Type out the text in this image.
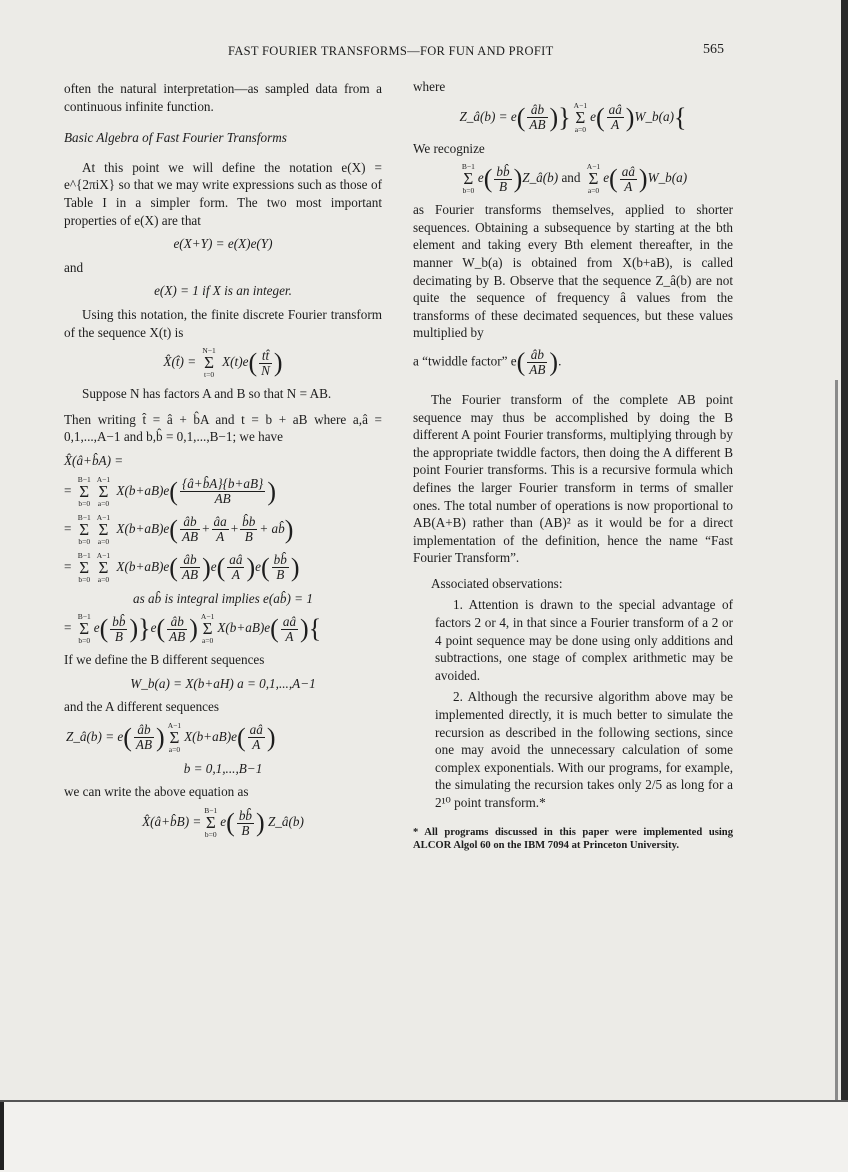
FAST FOURIER TRANSFORMS—FOR FUN AND PROFIT	565

often the natural interpretation—as sampled data from a continuous infinite function.

Basic Algebra of Fast Fourier Transforms

At this point we will define the notation e(X) = e^{2πiX} so that we may write expressions such as those of Table I in a simpler form. The two most important properties of e(X) are that

e(X+Y) = e(X)e(Y)
and
e(X) = 1 if X is an integer.

Using this notation, the finite discrete Fourier transform of the sequence X(t) is

X̂(t̂) =
N−1
Σ
t=0
$X(t)e( \frac{tt̂}{N}$ )

Suppose N has factors A and B so that N = AB.

Then writing t̂ = â + b̂A and t = b + aB where a,â = 0,1,...,A−1 and b,b̂ = 0,1,...,B−1; we have

X̂(â+b̂A) =
=
B−1
Σ
b=0
A−1
Σ
a=0
$X(b+aB)e( \frac{\{â+b̂A\}\{b+aB\}}{AB}$ )
=
B−1
Σ
b=0
A−1
Σ
a=0
$X(b+aB)e( \frac{âb}{AB} + \frac{âa}{A} + \frac{b̂b}{B}$ + ab̂)
=
B−1
Σ
b=0
A−1
Σ
a=0
$X(b+aB)e( \frac{âb}{AB} )e( \frac{aâ}{A} )e( \frac{bb̂}{B}$ )
as ab̂ is integral implies e(ab̂) = 1
=
B−1
Σ
b=0
$e( \frac{bb̂}{B} )\}e( \frac{âb}{AB}$ ) A−1
Σ
a=0
$X(b+aB)e( \frac{aâ}{A}$ ){

If we define the B different sequences

W_b(a) = X(b+aH) a = 0,1,...,A−1

and the A different sequences

Z_â(b) = $e( \frac{âb}{AB}$ ) A−1
Σ
a=0
$X(b+aB)e( \frac{aâ}{A}$ )
b = 0,1,...,B−1

we can write the above equation as

X̂(â+b̂B) =
B−1
Σ
b=0
$e( \frac{bb̂}{B}$ ) Z_â(b)

where

Z_â(b) = $e( \frac{âb}{AB}$ )} A−1
Σ
a=0
$e( \frac{aâ}{A}$ )W_b(a){

We recognize

B−1
Σ
b=0
$e( \frac{bb̂}{B}$ )Z_â(b) and
A−1
Σ
a=0
$e( \frac{aâ}{A}$ )W_b(a)

as Fourier transforms themselves, applied to shorter sequences. Obtaining a subsequence by starting at the bth element and taking every Bth element thereafter, in the manner W_b(a) is obtained from X(b+aB), is called decimating by B. Observe that the sequence Z_â(b) are not quite the sequence of frequency â values from the transforms of these decimated sequences, but these values multiplied by

a “twiddle factor” $e( \frac{âb}{AB}$ ).

The Fourier transform of the complete AB point sequence may thus be accomplished by doing the B different A point Fourier transforms, multiplying through by the appropriate twiddle factors, then doing the A different B point Fourier transforms. This is a recursive formula which defines the larger Fourier transform in terms of smaller ones. The total number of operations is now proportional to AB(A+B) rather than (AB)² as it would be for a direct implementation of the definition, hence the name “Fast Fourier Transform”.

Associated observations:

1. Attention is drawn to the special advantage of factors 2 or 4, in that since a Fourier transform of a 2 or 4 point sequence may be done using only additions and subtractions, one stage of complex arithmetic may be avoided.

2. Although the recursive algorithm above may be implemented directly, it is much better to simulate the recursion as described in the following sections, since one may avoid the unnecessary calculation of some complex exponentials. With our programs, for example, the simulating the recursion takes only 2/5 as long for a 2¹⁰ point transform.*

* All programs discussed in this paper were implemented using ALCOR Algol 60 on the IBM 7094 at Princeton University.
